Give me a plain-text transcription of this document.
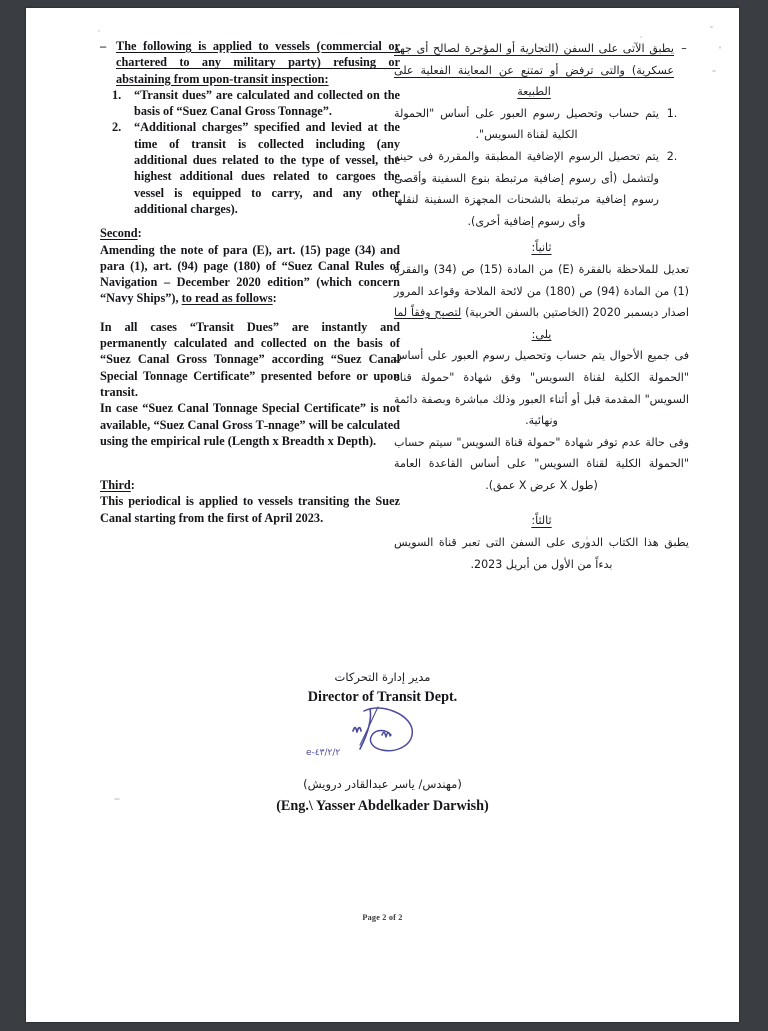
– The following is applied to vessels (commercial or chartered to any military party) refusing or abstaining from upon-transit inspection:
“Transit dues” are calculated and collected on the basis of “Suez Canal Gross Tonnage”.
“Additional charges” specified and levied at the time of transit is collected including (any additional dues related to the type of vessel, the highest additional dues related to cargoes the vessel is equipped to carry, and any other additional charges).
Second:
Amending the note of para (E), art. (15) page (34) and para (1), art. (94) page (180) of “Suez Canal Rules of Navigation – December 2020 edition” (which concern “Navy Ships”), to read as follows:
In all cases “Transit Dues” are instantly and permanently calculated and collected on the basis of “Suez Canal Gross Tonnage” according “Suez Canal Special Tonnage Certificate” presented before or upon transit.
In case “Suez Canal Tonnage Special Certificate” is not available, “Suez Canal Gross T˗nnage” will be calculated using the empirical rule (Length x Breadth x Depth).
Third:
This periodical is applied to vessels transiting the Suez Canal starting from the first of April 2023.
–
يطبق الآتى على السفن (التجارية أو المؤجرة لصالح أى جهة عسكرية) والتى ترفض أو تمتنع عن المعاينة الفعلية على الطبيعة
يتم حساب وتحصيل رسوم العبور على أساس "الحمولة الكلية لقناة السويس".
يتم تحصيل الرسوم الإضافية المطبقة والمقررة فى حينه ولتشمل (أى رسوم إضافية مرتبطة بنوع السفينة وأقصى رسوم إضافية مرتبطة بالشحنات المجهزة السفينة لنقلها وأى رسوم إضافية أخرى).
ثانياً:
تعديل للملاحظة بالفقرة (E) من المادة (15) ص (34) والفقرة (1) من المادة (94) ص (180) من لائحة الملاحة وقواعد المرور اصدار ديسمبر 2020 (الخاصتين بالسفن الحربية) لتصبح وفقاً لما يلى:
فى جميع الأحوال يتم حساب وتحصيل رسوم العبور على أساس "الحمولة الكلية لقناة السويس" وفق شهادة "حمولة قناة السويس" المقدمة قبل أو أثناء العبور وذلك مباشرة وبصفة دائمة ونهائية.
وفى حالة عدم توفر شهادة "حمولة قناة السويس" سيتم حساب "الحمولة الكلية لقناة السويس" على أساس القاعدة العامة (طول X عرض X عمق).
ثالثاً:
يطبق هذا الكتاب الدورى على السفن التى تعبر قناة السويس بدءاً من الأول من أبريل 2023.
مدير إدارة التحركات
Director of Transit Dept.
e-٤٣/٢/٢
(مهندس/ ياسر عبدالقادر درويش)
(Eng.\ Yasser Abdelkader Darwish)
Page 2 of 2
